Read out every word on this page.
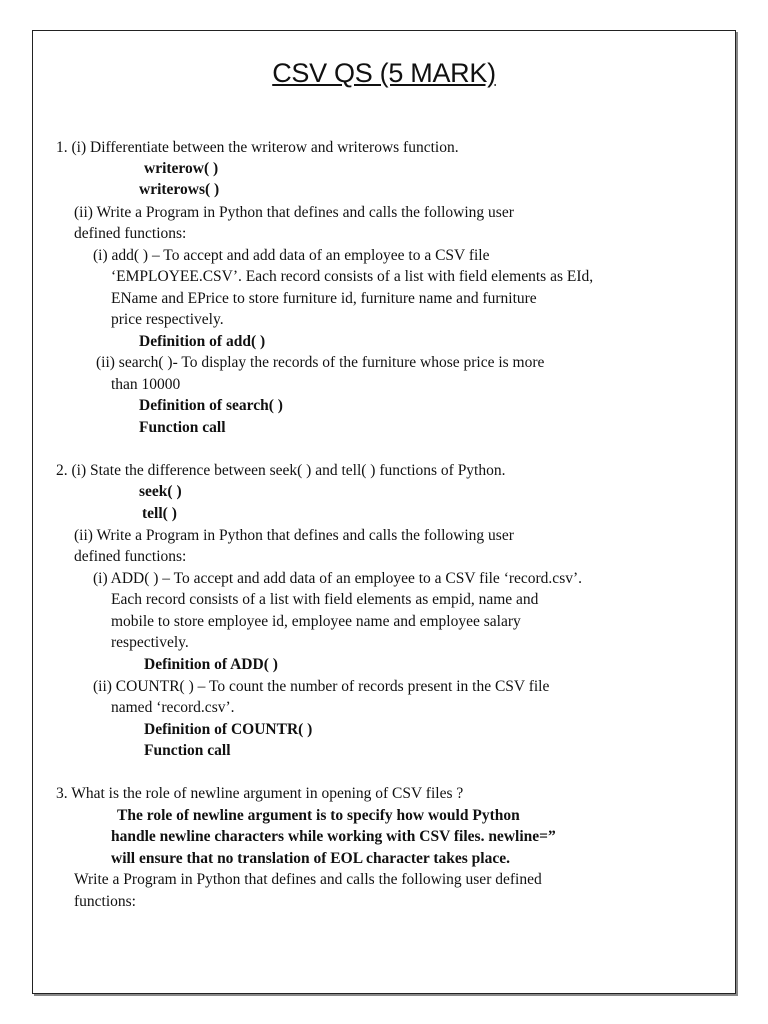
CSV QS (5 MARK)
1. (i) Differentiate between the writerow and writerows function.
writerow( )
writerows( )
(ii) Write a Program in Python that defines and calls the following user
defined functions:
(i) add( ) – To accept and add data of an employee to a CSV file
‘EMPLOYEE.CSV’. Each record consists of a list with field elements as EId,
EName and EPrice to store furniture id, furniture name and furniture
price respectively.
Definition of add( )
(ii) search( )- To display the records of the furniture whose price is more
than 10000
Definition of search( )
Function call
2. (i) State the difference between seek( ) and tell( ) functions of Python.
seek( )
tell( )
(ii) Write a Program in Python that defines and calls the following user
defined functions:
(i) ADD( ) – To accept and add data of an employee to a CSV file ‘record.csv’.
Each record consists of a list with field elements as empid, name and
mobile to store employee id, employee name and employee salary
respectively.
Definition of ADD( )
(ii) COUNTR( ) – To count the number of records present in the CSV file
named ‘record.csv’.
Definition of COUNTR( )
Function call
3. What is the role of newline argument in opening of CSV files ?
The role of newline argument is to specify how would Python
handle newline characters while working with CSV files. newline=”
will ensure that no translation of EOL character takes place.
Write a Program in Python that defines and calls the following user defined
functions:
